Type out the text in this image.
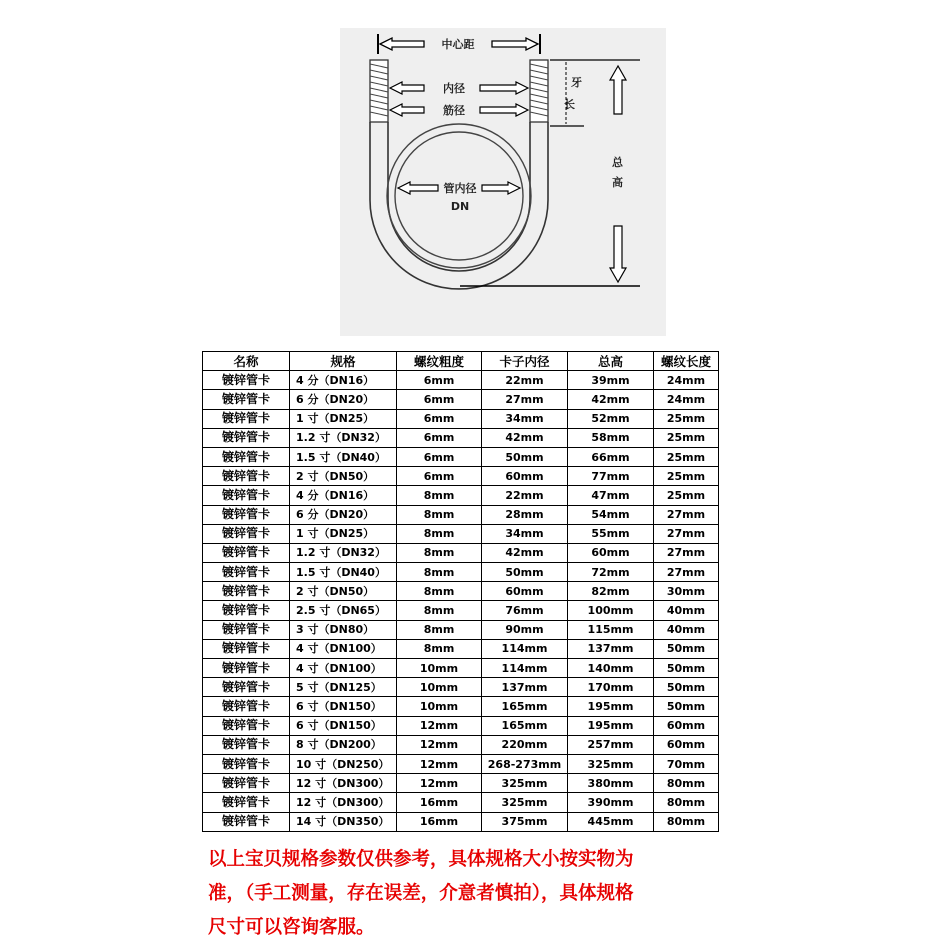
中心距
内径
筋径
管内径
DN
牙
长
总
高
名称	规格	螺纹粗度	卡子内径	总高	螺纹长度
镀锌管卡	4 分（DN16）	6mm	22mm	39mm	24mm
镀锌管卡	6 分（DN20）	6mm	27mm	42mm	24mm
镀锌管卡	1 寸（DN25）	6mm	34mm	52mm	25mm
镀锌管卡	1.2 寸（DN32）	6mm	42mm	58mm	25mm
镀锌管卡	1.5 寸（DN40）	6mm	50mm	66mm	25mm
镀锌管卡	2 寸（DN50）	6mm	60mm	77mm	25mm
镀锌管卡	4 分（DN16）	8mm	22mm	47mm	25mm
镀锌管卡	6 分（DN20）	8mm	28mm	54mm	27mm
镀锌管卡	1 寸（DN25）	8mm	34mm	55mm	27mm
镀锌管卡	1.2 寸（DN32）	8mm	42mm	60mm	27mm
镀锌管卡	1.5 寸（DN40）	8mm	50mm	72mm	27mm
镀锌管卡	2 寸（DN50）	8mm	60mm	82mm	30mm
镀锌管卡	2.5 寸（DN65）	8mm	76mm	100mm	40mm
镀锌管卡	3 寸（DN80）	8mm	90mm	115mm	40mm
镀锌管卡	4 寸（DN100）	8mm	114mm	137mm	50mm
镀锌管卡	4 寸（DN100）	10mm	114mm	140mm	50mm
镀锌管卡	5 寸（DN125）	10mm	137mm	170mm	50mm
镀锌管卡	6 寸（DN150）	10mm	165mm	195mm	50mm
镀锌管卡	6 寸（DN150）	12mm	165mm	195mm	60mm
镀锌管卡	8 寸（DN200）	12mm	220mm	257mm	60mm
镀锌管卡	10 寸（DN250）	12mm	268-273mm	325mm	70mm
镀锌管卡	12 寸（DN300）	12mm	325mm	380mm	80mm
镀锌管卡	12 寸（DN300）	16mm	325mm	390mm	80mm
镀锌管卡	14 寸（DN350）	16mm	375mm	445mm	80mm
以上宝贝规格参数仅供参考，具体规格大小按实物为
准，（手工测量，存在误差，介意者慎拍），具体规格
尺寸可以咨询客服。
